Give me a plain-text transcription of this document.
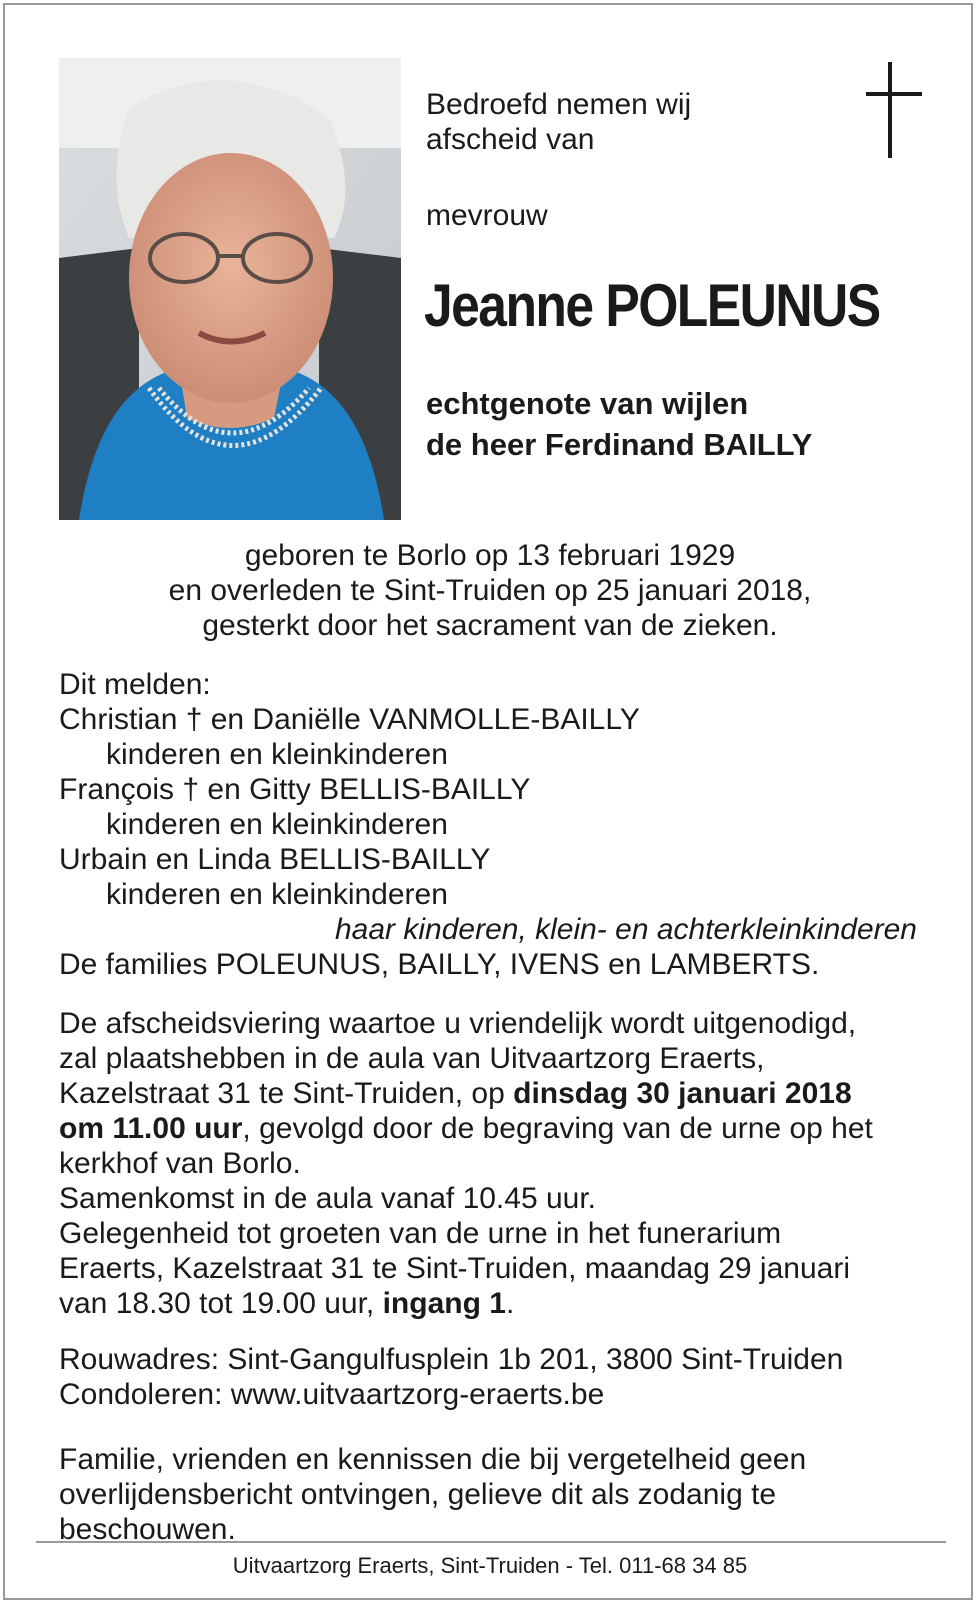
Bedroefd nemen wij
afscheid van
mevrouw
Jeanne POLEUNUS
echtgenote van wijlen
de heer Ferdinand BAILLY
geboren te Borlo op 13 februari 1929
en overleden te Sint-Truiden op 25 januari 2018,
gesterkt door het sacrament van de zieken.
Dit melden:
Christian † en Daniëlle VANMOLLE-BAILLY
kinderen en kleinkinderen
François † en Gitty BELLIS-BAILLY
kinderen en kleinkinderen
Urbain en Linda BELLIS-BAILLY
kinderen en kleinkinderen
haar kinderen, klein- en achterkleinkinderen
De families POLEUNUS, BAILLY, IVENS en LAMBERTS.
De afscheidsviering waartoe u vriendelijk wordt uitgenodigd,
zal plaatshebben in de aula van Uitvaartzorg Eraerts,
Kazelstraat 31 te Sint-Truiden, op dinsdag 30 januari 2018
om 11.00 uur, gevolgd door de begraving van de urne op het
kerkhof van Borlo.
Samenkomst in de aula vanaf 10.45 uur.
Gelegenheid tot groeten van de urne in het funerarium
Eraerts, Kazelstraat 31 te Sint-Truiden, maandag 29 januari
van 18.30 tot 19.00 uur, ingang 1.
Rouwadres: Sint-Gangulfusplein 1b 201, 3800 Sint-Truiden
Condoleren: www.uitvaartzorg-eraerts.be
Familie, vrienden en kennissen die bij vergetelheid geen
overlijdensbericht ontvingen, gelieve dit als zodanig te
beschouwen.
Uitvaartzorg Eraerts, Sint-Truiden - Tel. 011-68 34 85
